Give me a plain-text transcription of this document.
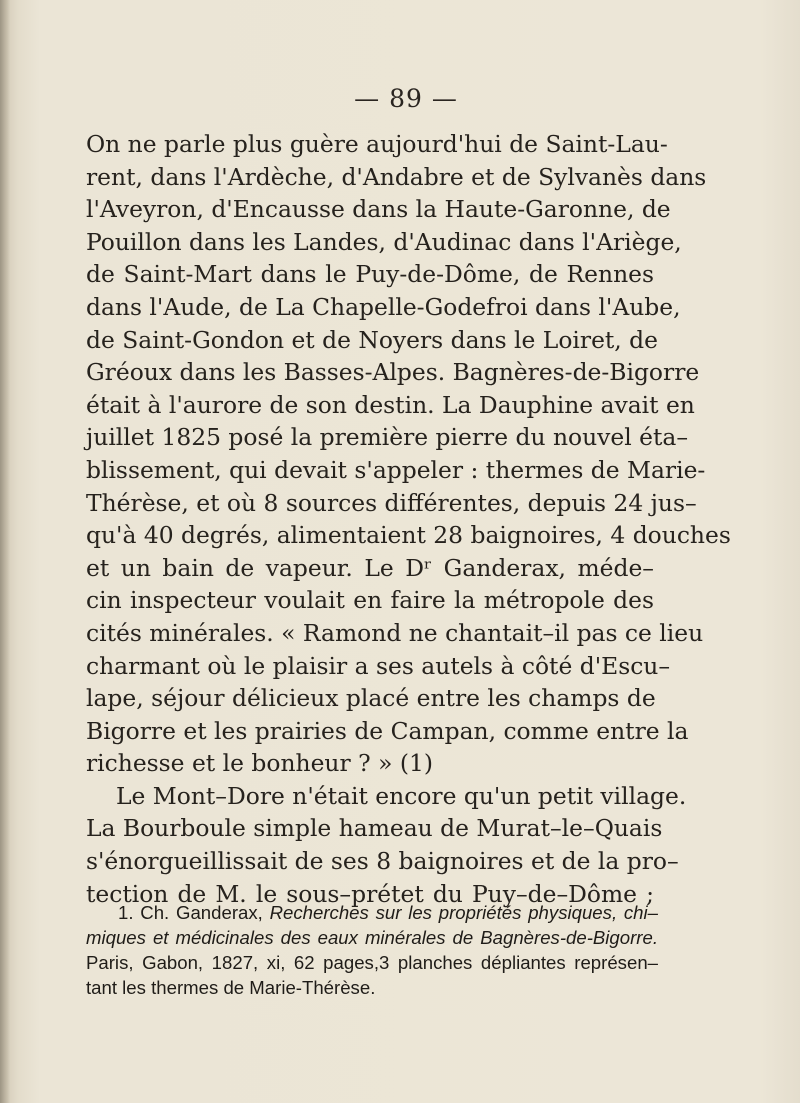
— 89 —
On ne parle plus guère aujourd'hui de Saint-Lau-
rent, dans l'Ardèche, d'Andabre et de Sylvanès dans
l'Aveyron, d'Encausse dans la Haute-Garonne, de
Pouillon dans les Landes, d'Audinac dans l'Ariège,
de Saint-Mart dans le Puy-de-Dôme, de Rennes
dans l'Aude, de La Chapelle-Godefroi dans l'Aube,
de Saint-Gondon et de Noyers dans le Loiret, de
Gréoux dans les Basses-Alpes. Bagnères-de-Bigorre
était à l'aurore de son destin. La Dauphine avait en
juillet 1825 posé la première pierre du nouvel éta–
blissement, qui devait s'appeler : thermes de Marie-
Thérèse, et où 8 sources différentes, depuis 24 jus–
qu'à 40 degrés, alimentaient 28 baignoires, 4 douches
et un bain de vapeur. Le Dʳ Ganderax, méde–
cin inspecteur voulait en faire la métropole des
cités minérales. « Ramond ne chantait–il pas ce lieu
charmant où le plaisir a ses autels à côté d'Escu–
lape, séjour délicieux placé entre les champs de
Bigorre et les prairies de Campan, comme entre la
richesse et le bonheur ? » (1)
Le Mont–Dore n'était encore qu'un petit village.
La Bourboule simple hameau de Murat–le–Quais
s'énorgueillissait de ses 8 baignoires et de la pro–
tection de M. le sous–prétet du Puy–de–Dôme ;
1. Ch. Ganderax, Recherches sur les propriétés physiques, chi–
miques et médicinales des eaux minérales de Bagnères-de-Bigorre.
Paris, Gabon, 1827, xi, 62 pages,3 planches dépliantes représen–
tant les thermes de Marie-Thérèse.
